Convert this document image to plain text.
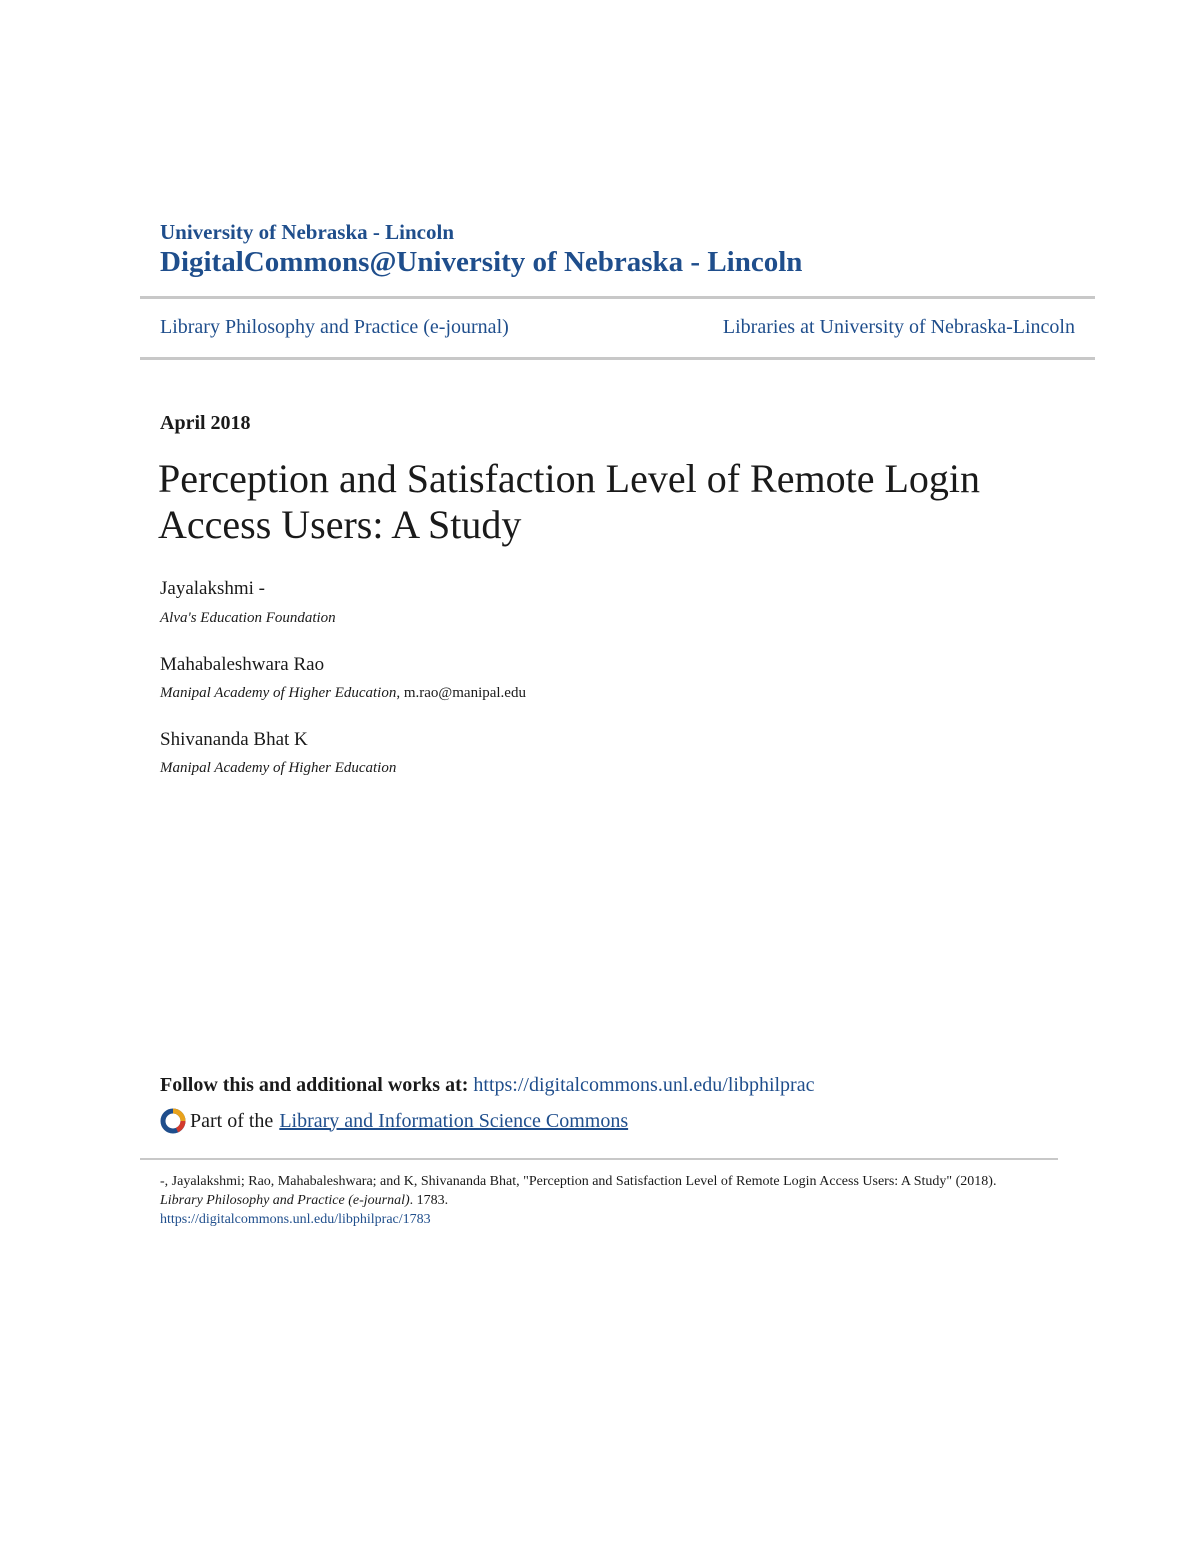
University of Nebraska - Lincoln
DigitalCommons@University of Nebraska - Lincoln
Library Philosophy and Practice (e-journal)	Libraries at University of Nebraska-Lincoln
April 2018
Perception and Satisfaction Level of Remote Login Access Users: A Study
Jayalakshmi -
Alva's Education Foundation
Mahabaleshwara Rao
Manipal Academy of Higher Education, m.rao@manipal.edu
Shivananda Bhat K
Manipal Academy of Higher Education
Follow this and additional works at: https://digitalcommons.unl.edu/libphilprac
Part of the Library and Information Science Commons
-, Jayalakshmi; Rao, Mahabaleshwara; and K, Shivananda Bhat, "Perception and Satisfaction Level of Remote Login Access Users: A Study" (2018). Library Philosophy and Practice (e-journal). 1783.
https://digitalcommons.unl.edu/libphilprac/1783
